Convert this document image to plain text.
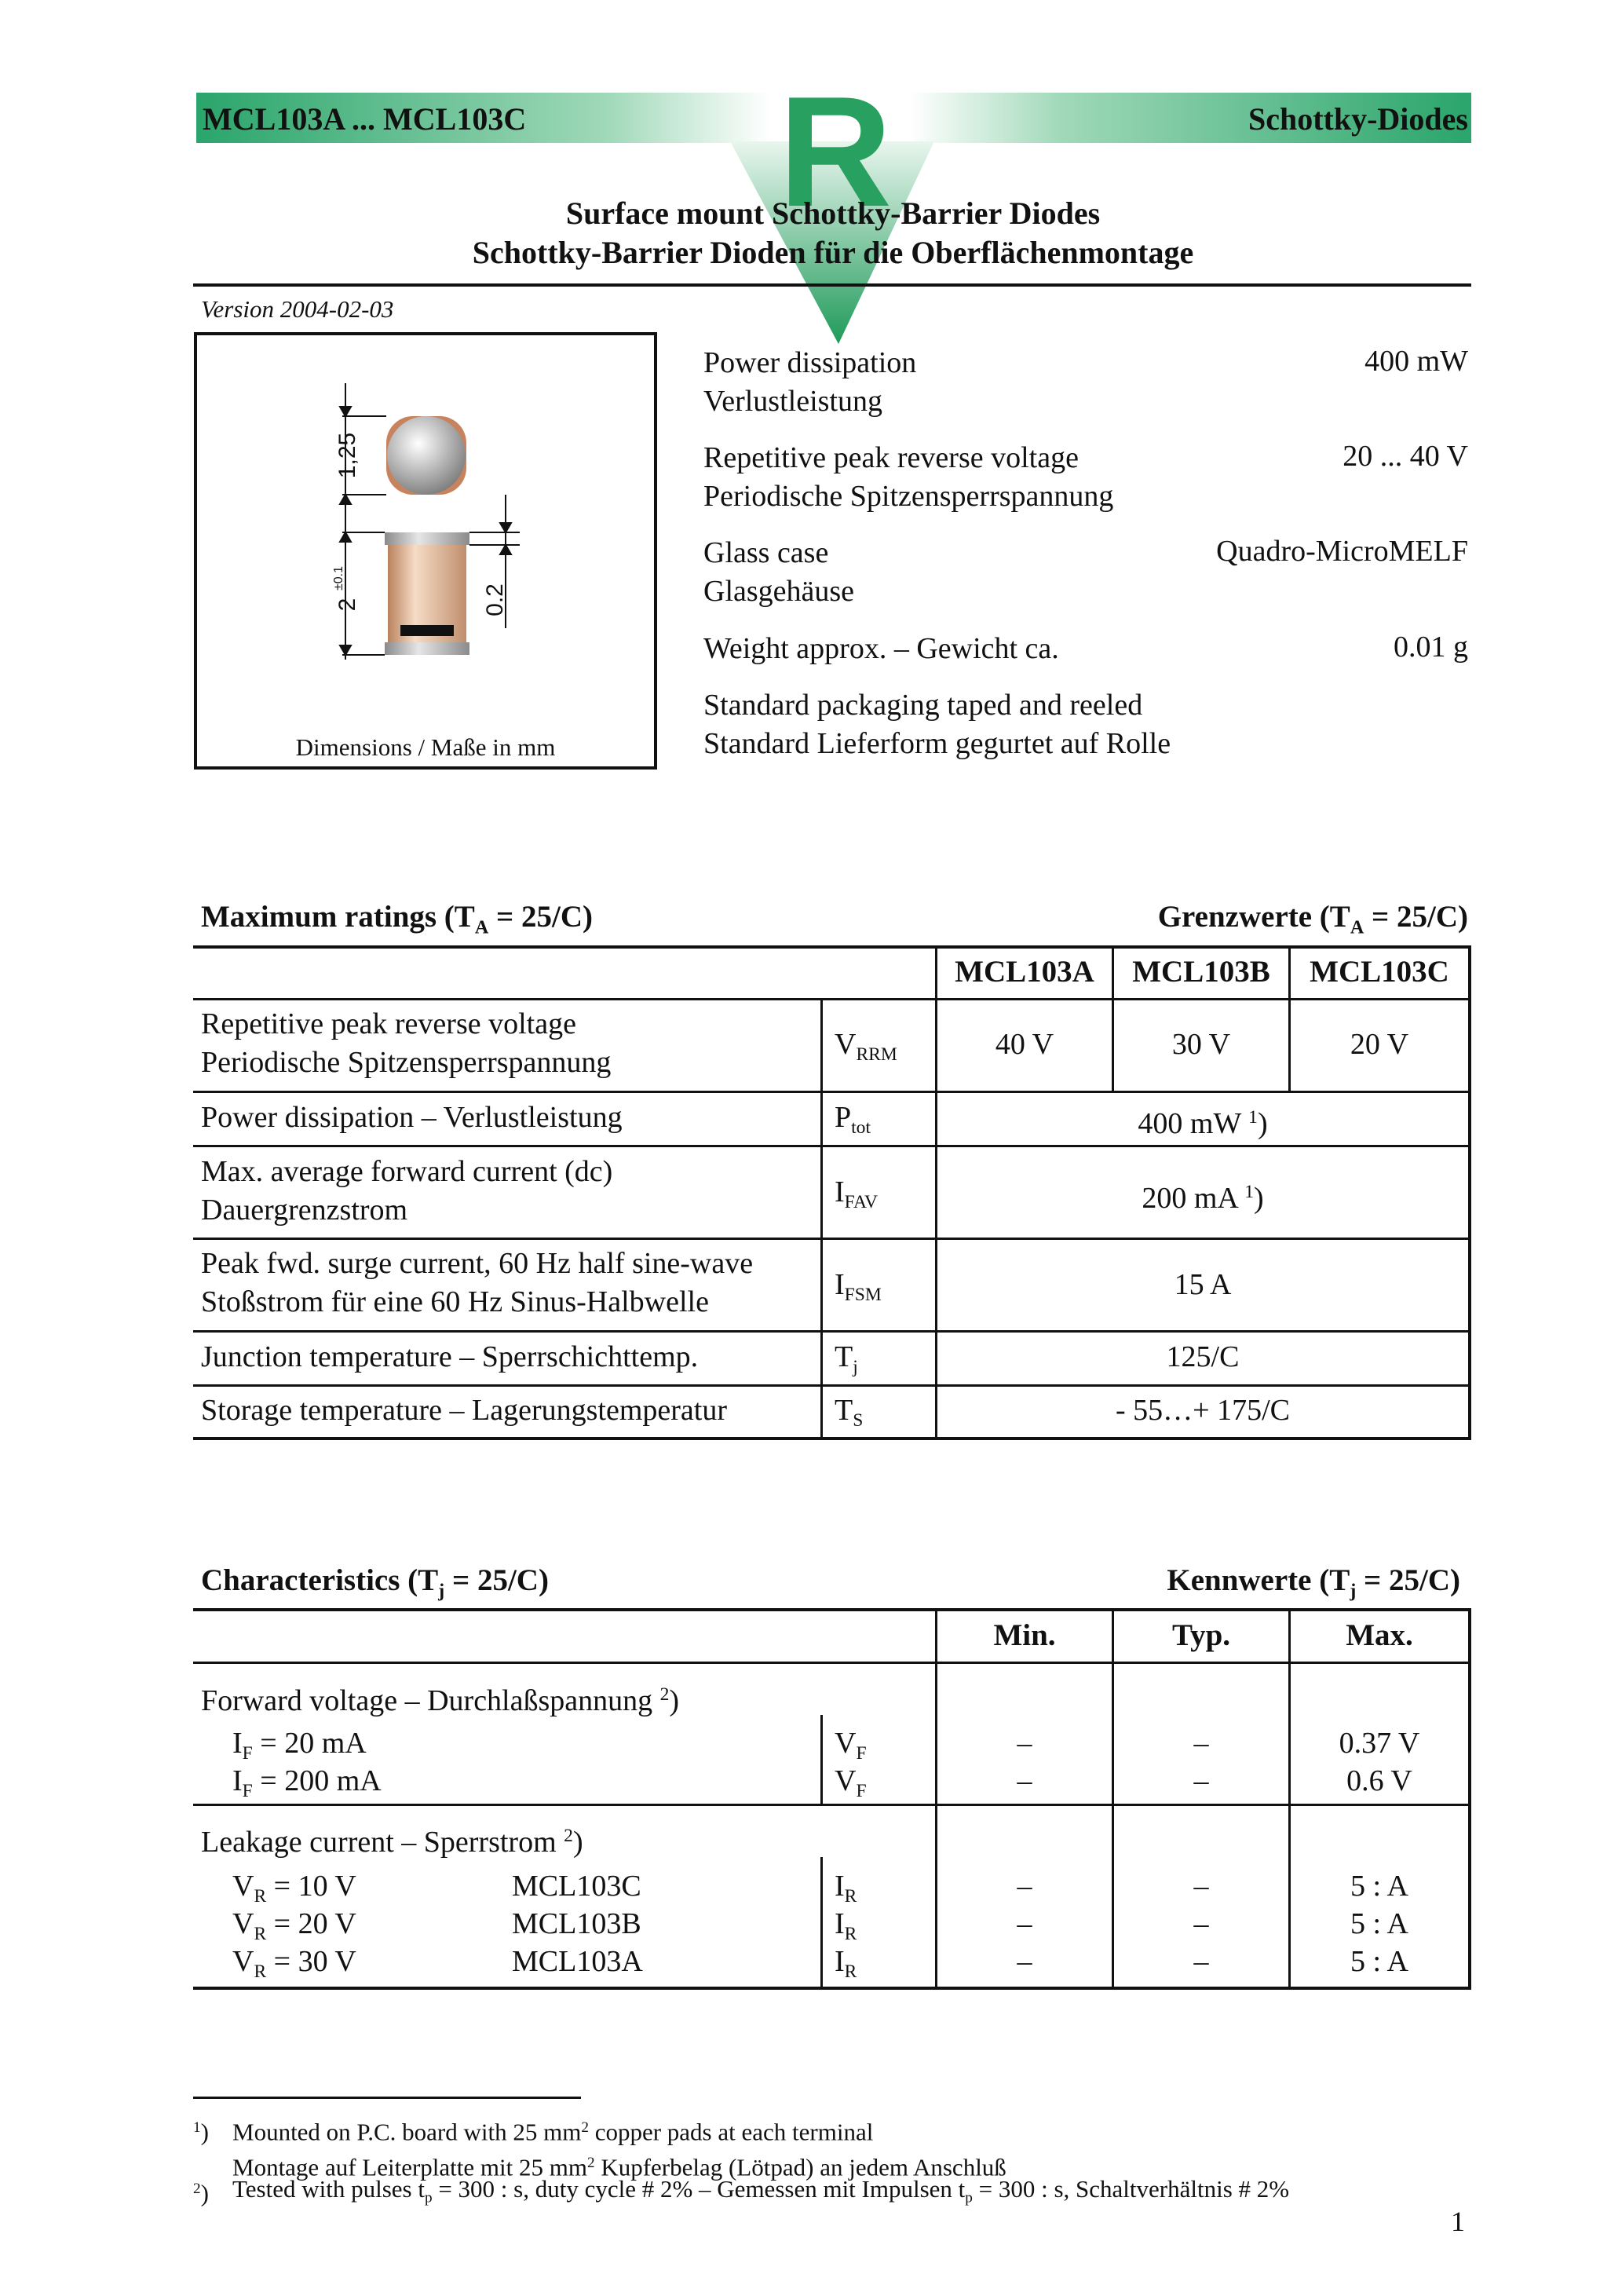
MCL103A ... MCL103C	Schottky-Diodes
R
Surface mount Schottky-Barrier Diodes
Schottky-Barrier Dioden für die Oberflächenmontage
Version 2004-02-03
1,25
2
±0.1
0.2
Dimensions / Maße in mm
Power dissipation
Verlustleistung
400 mW
Repetitive peak reverse voltage
Periodische Spitzensperrspannung
20 ... 40 V
Glass case
Glasgehäuse
Quadro-MicroMELF
Weight approx. – Gewicht ca.	0.01 g
Standard packaging taped and reeled
Standard Lieferform gegurtet auf Rolle
Maximum ratings $(T_A = 25/C)$	Grenzwerte $(T_A = 25/C)$
MCL103A	MCL103B	MCL103C
Repetitive peak reverse voltage
Periodische Spitzensperrspannung
$V_{RRM}$	40 V	30 V	20 V
Power dissipation – Verlustleistung	$P_{tot}$	400 mW $^1$)
Max. average forward current (dc)
Dauergrenzstrom
$I_{FAV}$	200 mA $^1$)
Peak fwd. surge current, 60 Hz half sine-wave
Stoßstrom für eine 60 Hz Sinus-Halbwelle
$I_{FSM}$	15 A
Junction temperature – Sperrschichttemp.	$T_j$	125/C
Storage temperature – Lagerungstemperatur	$T_S$	- 55…+ 175/C
Characteristics $(T_j = 25/C)$	Kennwerte $(T_j = 25/C)$
Min.	Typ.	Max.
Forward voltage – Durchlaßspannung $^2$)
$I_F = 20$ mA	$V_F$	–	–	0.37 V
$I_F = 200$ mA	$V_F$	–	–	0.6 V
Leakage current – Sperrstrom $^2$)
$V_R = 10$ V	MCL103C	$I_R$	–	–	5 : A
$V_R = 20$ V	MCL103B	$I_R$	–	–	5 : A
$V_R = 30$ V	MCL103A	$I_R$	–	–	5 : A
$^1$) Mounted on P.C. board with 25 $mm^2$ copper pads at each terminal
Montage auf Leiterplatte mit 25 $mm^2$ Kupferbelag (Lötpad) an jedem Anschluß
$^2$) Tested with pulses $t_p = 300$ : s, duty cycle # 2% – Gemessen mit Impulsen $t_p = 300$ : s, Schaltverhältnis # 2%
1
